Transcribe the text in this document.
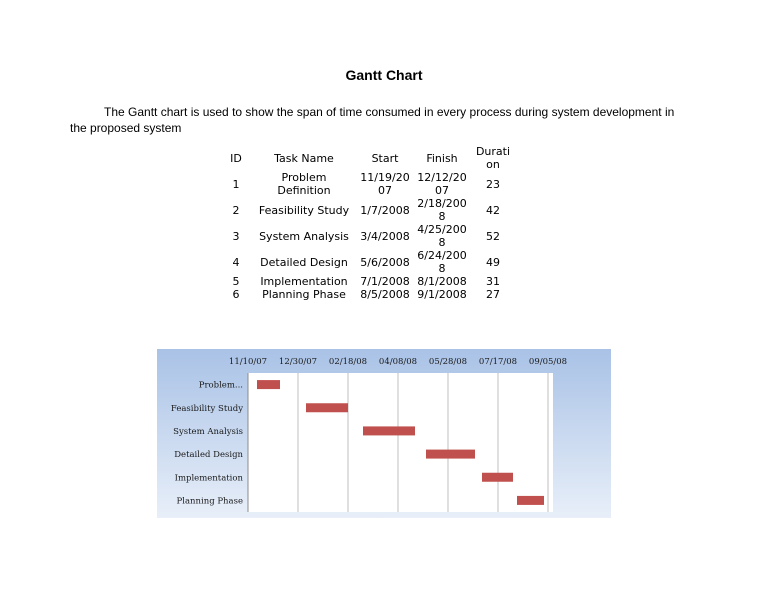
Gantt Chart
The Gantt chart is used to show the span of time consumed in every process during system development in the proposed system
ID	Task Name	Start	Finish	Duration
1	Problem Definition	11/19/2007	12/12/2007	23
2	Feasibility Study	1/7/2008	2/18/2008	42
3	System Analysis	3/4/2008	4/25/2008	52
4	Detailed Design	5/6/2008	6/24/2008	49
5	Implementation	7/1/2008	8/1/2008	31
6	Planning Phase	8/5/2008	9/1/2008	27
11/10/07 12/30/07 02/18/08 04/08/08 05/28/08 07/17/08 09/05/08
Problem...
Feasibility Study
System Analysis
Detailed Design
Implementation
Planning Phase
